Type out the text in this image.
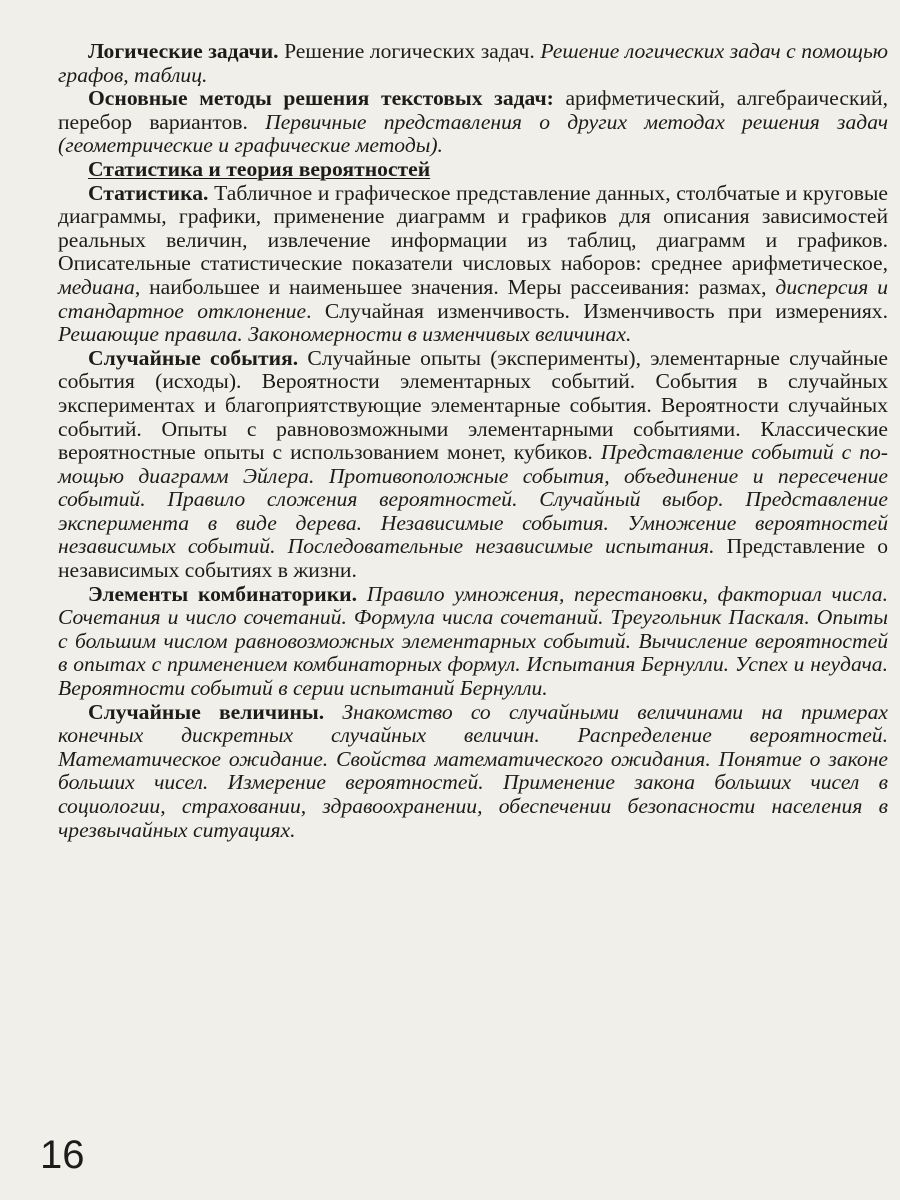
Логические задачи. Решение логических задач. Решение логических задач с помощью графов, таблиц.

Основные методы решения текстовых задач: арифметический, алгебраический, перебор вариантов. Первичные представления о других методах решения задач (геометрические и графические методы).

Статистика и теория вероятностей

Статистика. Табличное и графическое представление данных, столбчатые и круговые диаграммы, графики, применение диаграмм и графиков для описания зависимостей реальных величин, извлечение информации из таблиц, диаграмм и графиков. Описательные статистические показатели числовых наборов: среднее арифметическое, медиана, наибольшее и наименьшее значения. Меры рассеивания: размах, дисперсия и стандартное отклонение. Случайная изменчивость. Изменчивость при измерениях. Решающие правила. Закономерности в изменчивых величинах.

Случайные события. Случайные опыты (эксперименты), элементарные случайные события (исходы). Вероятности элементарных событий. События в случайных экспериментах и благоприятствующие элементарные события. Вероятности случайных событий. Опыты с равновозможными элементарными событиями. Классические вероятностные опыты с использованием монет, кубиков. Представление событий с помощью диаграмм Эйлера. Противоположные события, объединение и пересечение событий. Правило сложения вероятностей. Случайный выбор. Представление эксперимента в виде дерева. Независимые события. Умножение вероятностей независимых событий. Последовательные независимые испытания. Представление о независимых событиях в жизни.

Элементы комбинаторики. Правило умножения, перестановки, факториал числа. Сочетания и число сочетаний. Формула числа сочетаний. Треугольник Паскаля. Опыты с большим числом равновозможных элементарных событий. Вычисление вероятностей в опытах с применением комбинаторных формул. Испытания Бернулли. Успех и неудача. Вероятности событий в серии испытаний Бернулли.

Случайные величины. Знакомство со случайными величинами на примерах конечных дискретных случайных величин. Распределение вероятностей. Математическое ожидание. Свойства математического ожидания. Понятие о законе больших чисел. Измерение вероятностей. Применение закона больших чисел в социологии, страховании, здравоохранении, обеспечении безопасности населения в чрезвычайных ситуациях.

16
